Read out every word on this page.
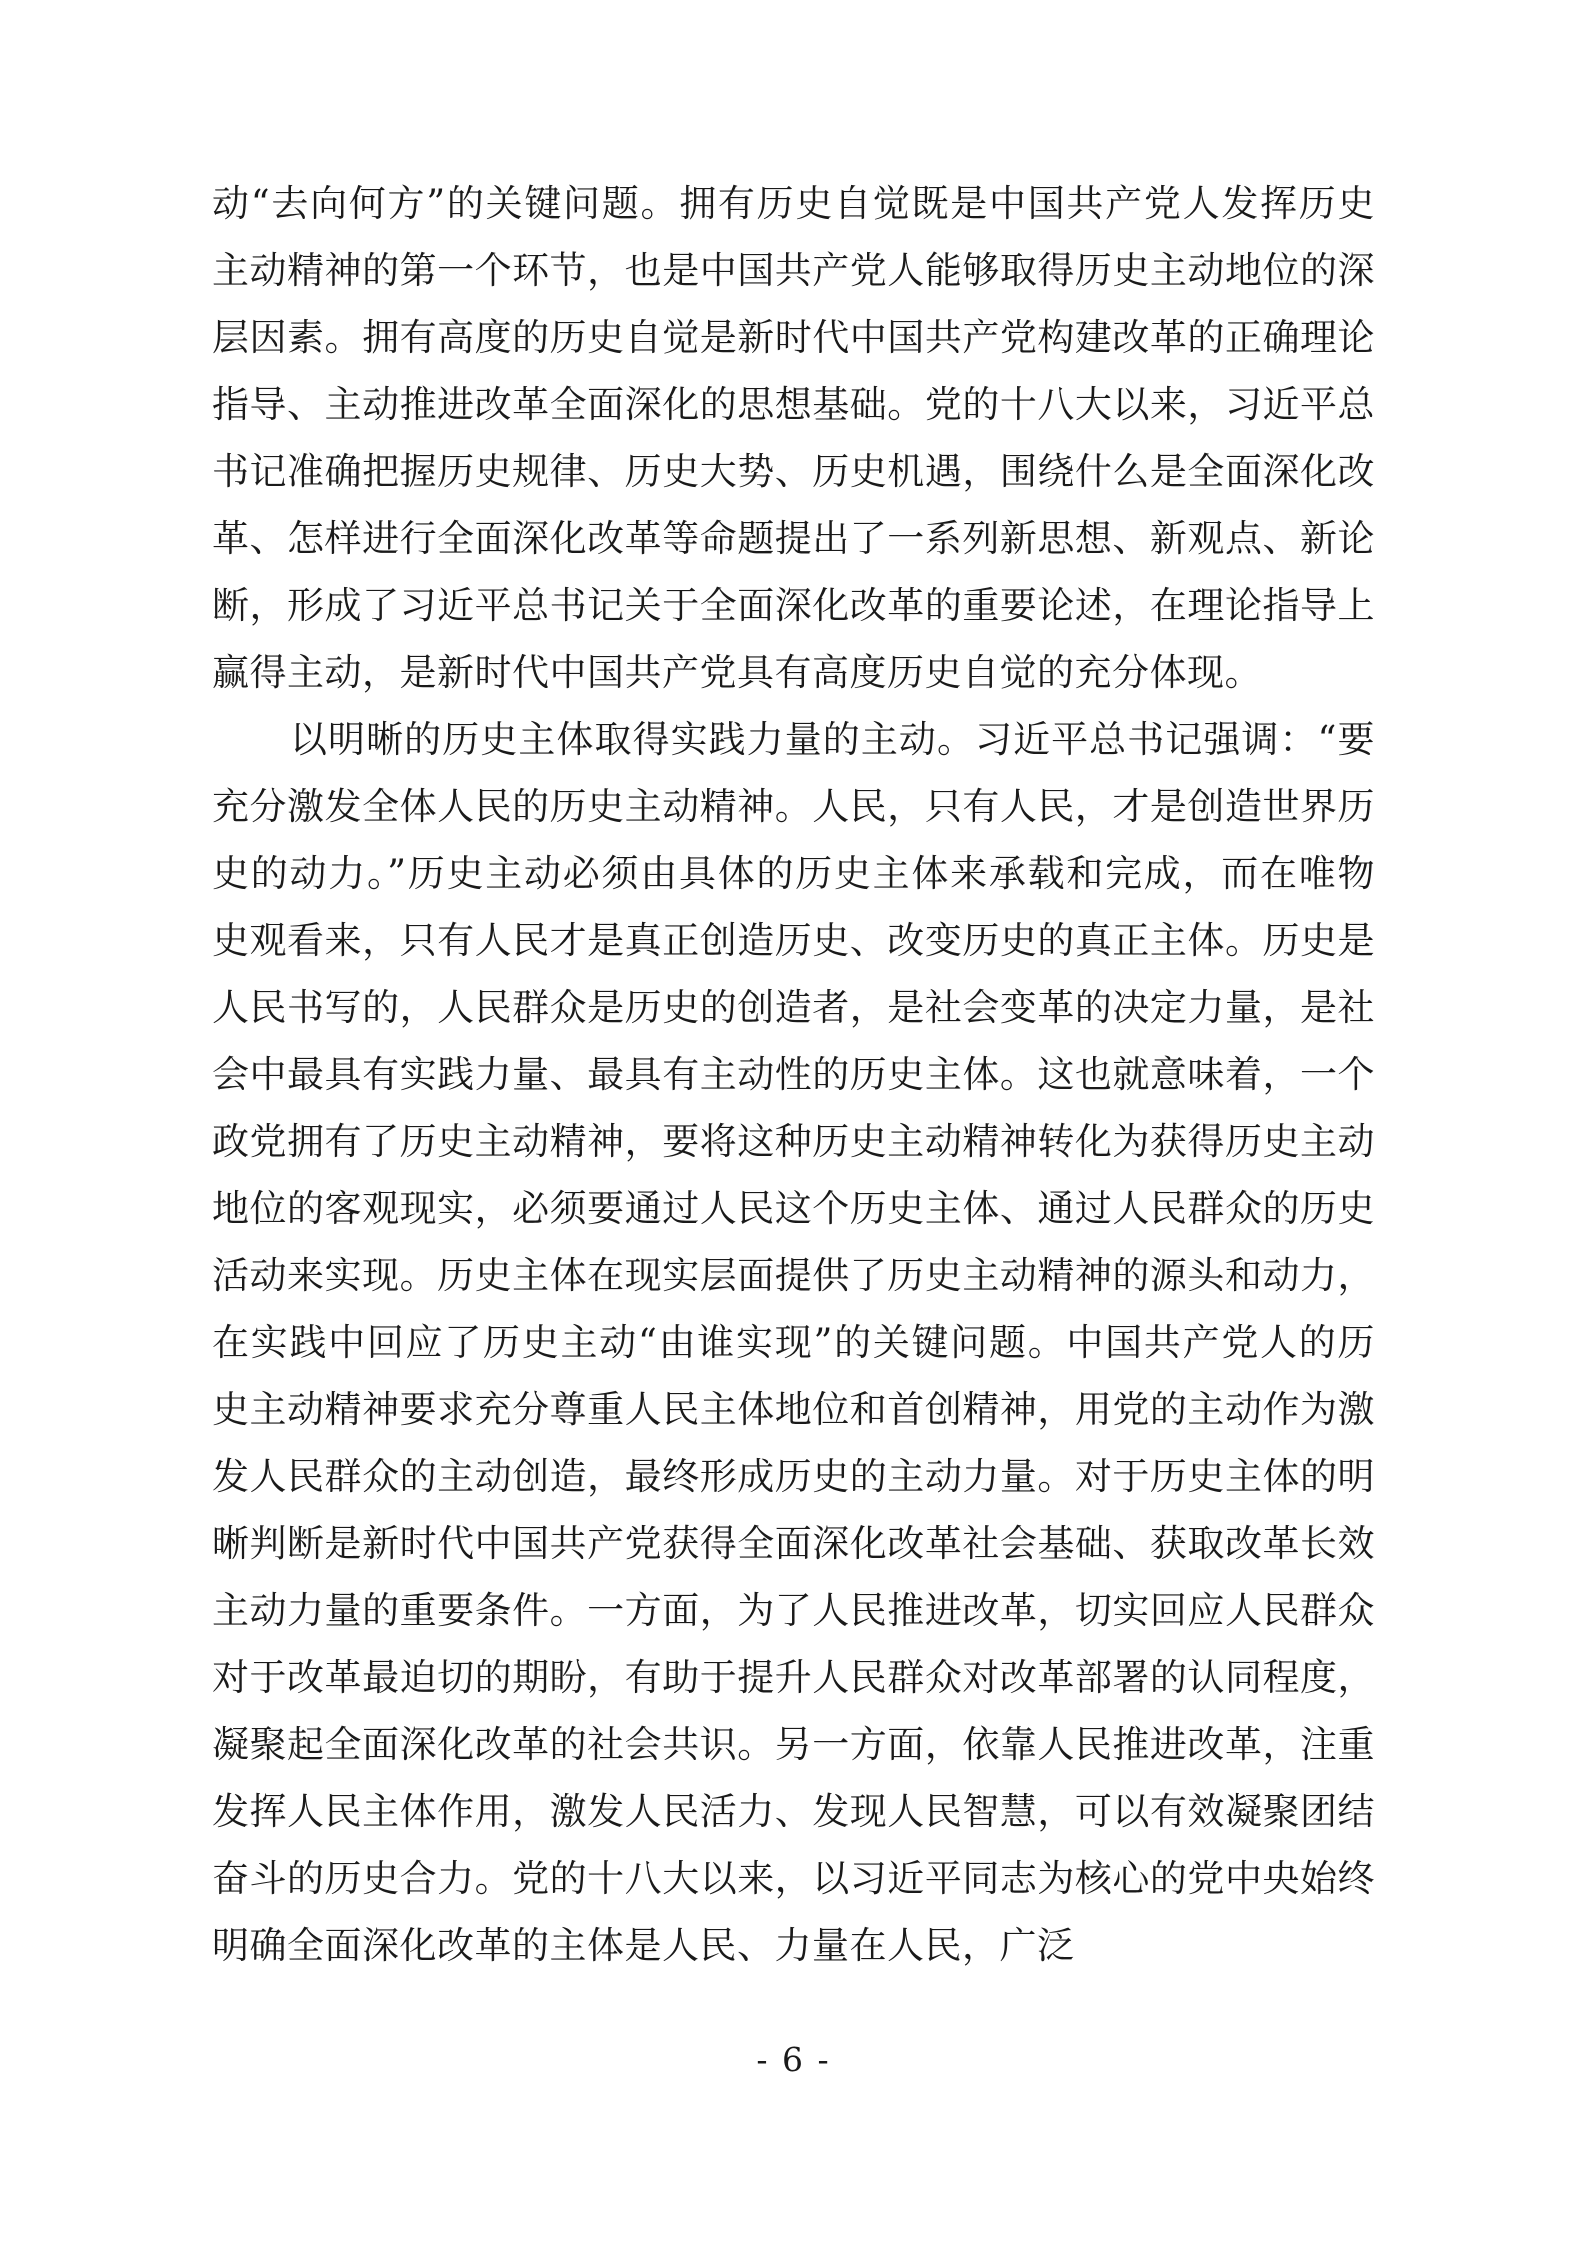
动“去向何方”的关键问题。拥有历史自觉既是中国共产党人发挥历史主动精神的第一个环节，也是中国共产党人能够取得历史主动地位的深层因素。拥有高度的历史自觉是新时代中国共产党构建改革的正确理论指导、主动推进改革全面深化的思想基础。党的十八大以来，习近平总书记准确把握历史规律、历史大势、历史机遇，围绕什么是全面深化改革、怎样进行全面深化改革等命题提出了一系列新思想、新观点、新论断，形成了习近平总书记关于全面深化改革的重要论述，在理论指导上赢得主动，是新时代中国共产党具有高度历史自觉的充分体现。

以明晰的历史主体取得实践力量的主动。习近平总书记强调：“要充分激发全体人民的历史主动精神。人民，只有人民，才是创造世界历史的动力。”历史主动必须由具体的历史主体来承载和完成，而在唯物史观看来，只有人民才是真正创造历史、改变历史的真正主体。历史是人民书写的，人民群众是历史的创造者，是社会变革的决定力量，是社会中最具有实践力量、最具有主动性的历史主体。这也就意味着，一个政党拥有了历史主动精神，要将这种历史主动精神转化为获得历史主动地位的客观现实，必须要通过人民这个历史主体、通过人民群众的历史活动来实现。历史主体在现实层面提供了历史主动精神的源头和动力，在实践中回应了历史主动“由谁实现”的关键问题。中国共产党人的历史主动精神要求充分尊重人民主体地位和首创精神，用党的主动作为激发人民群众的主动创造，最终形成历史的主动力量。对于历史主体的明晰判断是新时代中国共产党获得全面深化改革社会基础、获取改革长效主动力量的重要条件。一方面，为了人民推进改革，切实回应人民群众对于改革最迫切的期盼，有助于提升人民群众对改革部署的认同程度，凝聚起全面深化改革的社会共识。另一方面，依靠人民推进改革，注重发挥人民主体作用，激发人民活力、发现人民智慧，可以有效凝聚团结奋斗的历史合力。党的十八大以来，以习近平同志为核心的党中央始终明确全面深化改革的主体是人民、力量在人民，广泛

- 6 -
